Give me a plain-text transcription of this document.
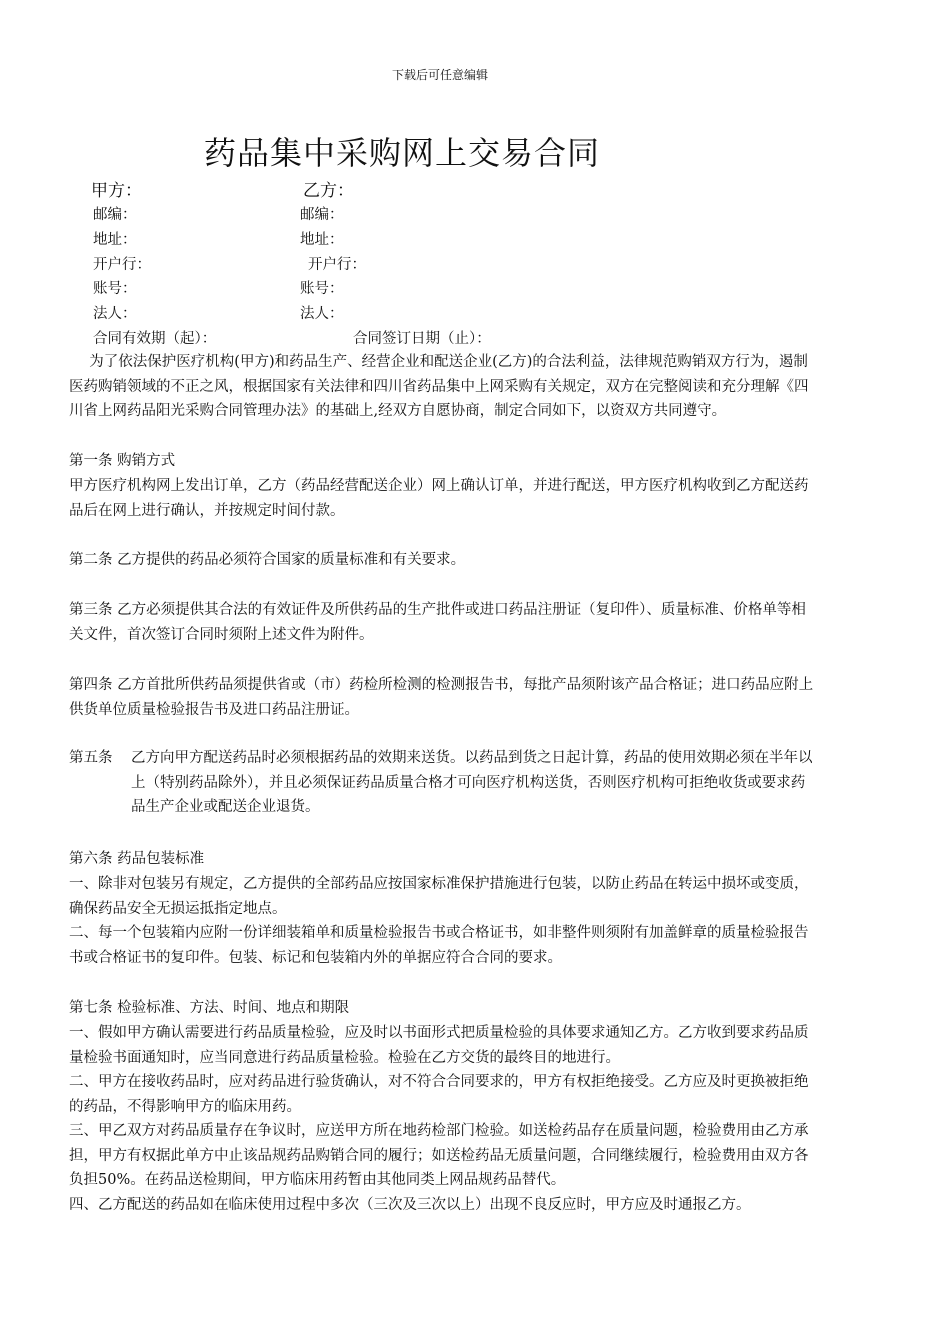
下载后可任意编辑
药品集中采购网上交易合同
甲方：	乙方：
邮编：	邮编：
地址：	地址：
开户行：	开户行：
账号：	账号：
法人：	法人：
合同有效期（起）：	合同签订日期（止）：

为了依法保护医疗机构(甲方)和药品生产、经营企业和配送企业(乙方)的合法利益，法律规范购销双方行为，遏制医药购销领域的不正之风，根据国家有关法律和四川省药品集中上网采购有关规定，双方在完整阅读和充分理解《四川省上网药品阳光采购合同管理办法》的基础上,经双方自愿协商，制定合同如下，以资双方共同遵守。

第一条 购销方式

甲方医疗机构网上发出订单，乙方（药品经营配送企业）网上确认订单，并进行配送，甲方医疗机构收到乙方配送药品后在网上进行确认，并按规定时间付款。

第二条 乙方提供的药品必须符合国家的质量标准和有关要求。

第三条 乙方必须提供其合法的有效证件及所供药品的生产批件或进口药品注册证（复印件）、质量标准、价格单等相关文件，首次签订合同时须附上述文件为附件。

第四条 乙方首批所供药品须提供省或（市）药检所检测的检测报告书，每批产品须附该产品合格证；进口药品应附上供货单位质量检验报告书及进口药品注册证。

第五条 乙方向甲方配送药品时必须根据药品的效期来送货。以药品到货之日起计算，药品的使用效期必须在半年以上（特别药品除外），并且必须保证药品质量合格才可向医疗机构送货，否则医疗机构可拒绝收货或要求药品生产企业或配送企业退货。

第六条 药品包装标准

一、除非对包装另有规定，乙方提供的全部药品应按国家标准保护措施进行包装，以防止药品在转运中损坏或变质，确保药品安全无损运抵指定地点。

二、每一个包装箱内应附一份详细装箱单和质量检验报告书或合格证书，如非整件则须附有加盖鲜章的质量检验报告书或合格证书的复印件。包装、标记和包装箱内外的单据应符合合同的要求。

第七条 检验标准、方法、时间、地点和期限

一、假如甲方确认需要进行药品质量检验，应及时以书面形式把质量检验的具体要求通知乙方。乙方收到要求药品质量检验书面通知时，应当同意进行药品质量检验。检验在乙方交货的最终目的地进行。

二、甲方在接收药品时，应对药品进行验货确认，对不符合合同要求的，甲方有权拒绝接受。乙方应及时更换被拒绝的药品，不得影响甲方的临床用药。

三、甲乙双方对药品质量存在争议时，应送甲方所在地药检部门检验。如送检药品存在质量问题，检验费用由乙方承担，甲方有权据此单方中止该品规药品购销合同的履行；如送检药品无质量问题，合同继续履行，检验费用由双方各负担50%。在药品送检期间，甲方临床用药暂由其他同类上网品规药品替代。

四、乙方配送的药品如在临床使用过程中多次（三次及三次以上）出现不良反应时，甲方应及时通报乙方。
